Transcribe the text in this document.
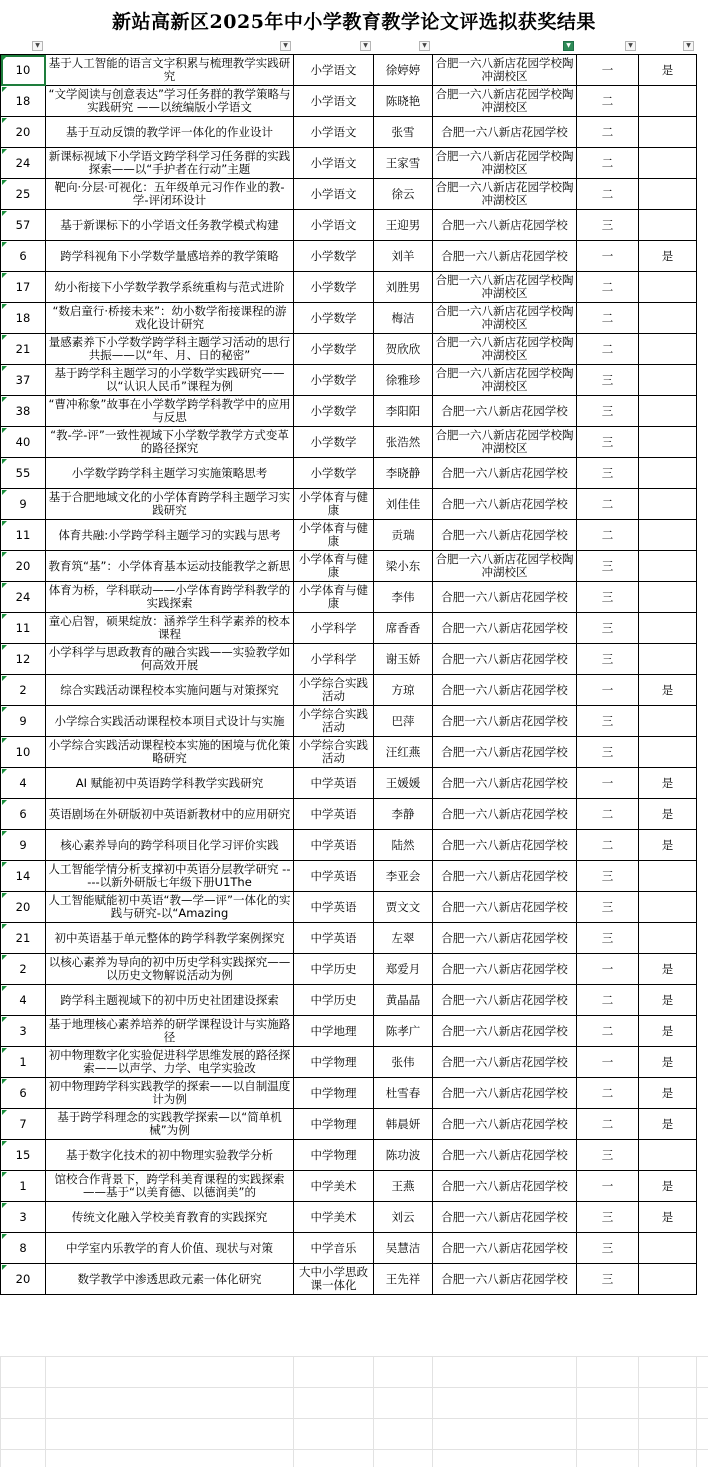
新站高新区2025年中小学教育教学论文评选拟获奖结果
▼	▼	▼	▼	▼	▼	▼
10	基于人工智能的语言文字积累与梳理教学实践研究	小学语文	徐婷婷	合肥一六八新店花园学校陶冲湖校区	一	是

18	“文学阅读与创意表达”学习任务群的教学策略与实践研究 ——以统编版小学语文	小学语文	陈晓艳	合肥一六八新店花园学校陶冲湖校区	二	

20	基于互动反馈的教学评一体化的作业设计	小学语文	张雪	合肥一六八新店花园学校	二	

24	新课标视域下小学语文跨学科学习任务群的实践探索——以“手护者在行动”主题	小学语文	王家雪	合肥一六八新店花园学校陶冲湖校区	二	

25	靶向·分层·可视化：五年级单元习作作业的教-学-评闭环设计	小学语文	徐云	合肥一六八新店花园学校陶冲湖校区	二	

57	基于新课标下的小学语文任务教学模式构建	小学语文	王迎男	合肥一六八新店花园学校	三	

6	跨学科视角下小学数学量感培养的教学策略	小学数学	刘羊	合肥一六八新店花园学校	一	是

17	幼小衔接下小学数学教学系统重构与范式进阶	小学数学	刘胜男	合肥一六八新店花园学校陶冲湖校区	二	

18	“数启童行·桥接未来”：幼小数学衔接课程的游戏化设计研究	小学数学	梅洁	合肥一六八新店花园学校陶冲湖校区	二	

21	量感素养下小学数学跨学科主题学习活动的思行共振——以“年、月、日的秘密”	小学数学	贺欣欣	合肥一六八新店花园学校陶冲湖校区	二	

37	基于跨学科主题学习的小学数学实践研究——以“认识人民币”课程为例	小学数学	徐雅珍	合肥一六八新店花园学校陶冲湖校区	三	

38	“曹冲称象”故事在小学数学跨学科教学中的应用与反思	小学数学	李阳阳	合肥一六八新店花园学校	三	

40	“教-学-评”一致性视域下小学数学教学方式变革的路径探究	小学数学	张浩然	合肥一六八新店花园学校陶冲湖校区	三	

55	小学数学跨学科主题学习实施策略思考	小学数学	李晓静	合肥一六八新店花园学校	三	

9	基于合肥地域文化的小学体育跨学科主题学习实践研究	小学体育与健康	刘佳佳	合肥一六八新店花园学校	二	

11	体育共融:小学跨学科主题学习的实践与思考	小学体育与健康	贡瑞	合肥一六八新店花园学校	二	

20	教育筑“基”：小学体育基本运动技能教学之新思	小学体育与健康	梁小东	合肥一六八新店花园学校陶冲湖校区	三	

24	体育为桥，学科联动——小学体育跨学科教学的实践探索	小学体育与健康	李伟	合肥一六八新店花园学校	三	

11	童心启智，硕果绽放：涵养学生科学素养的校本课程	小学科学	席香香	合肥一六八新店花园学校	三	

12	小学科学与思政教育的融合实践——实验教学如何高效开展	小学科学	谢玉娇	合肥一六八新店花园学校	三	

2	综合实践活动课程校本实施问题与对策探究	小学综合实践活动	方琼	合肥一六八新店花园学校	一	是

9	小学综合实践活动课程校本项目式设计与实施	小学综合实践活动	巴萍	合肥一六八新店花园学校	三	

10	小学综合实践活动课程校本实施的困境与优化策略研究	小学综合实践活动	汪红燕	合肥一六八新店花园学校	三	

4	AI 赋能初中英语跨学科教学实践研究	中学英语	王媛媛	合肥一六八新店花园学校	一	是

6	英语剧场在外研版初中英语新教材中的应用研究	中学英语	李静	合肥一六八新店花园学校	二	是

9	核心素养导向的跨学科项目化学习评价实践	中学英语	陆然	合肥一六八新店花园学校	二	是

14	人工智能学情分析支撑初中英语分层教学研究 -----以新外研版七年级下册U1The	中学英语	李亚会	合肥一六八新店花园学校	三	

20	人工智能赋能初中英语“教—学—评”一体化的实践与研究-以“Amazing	中学英语	贾文文	合肥一六八新店花园学校	三	

21	初中英语基于单元整体的跨学科教学案例探究	中学英语	左翠	合肥一六八新店花园学校	三	

2	以核心素养为导向的初中历史学科实践探究——以历史文物解说活动为例	中学历史	郑爱月	合肥一六八新店花园学校	一	是

4	跨学科主题视域下的初中历史社团建设探索	中学历史	黄晶晶	合肥一六八新店花园学校	二	是

3	基于地理核心素养培养的研学课程设计与实施路径	中学地理	陈孝广	合肥一六八新店花园学校	二	是

1	初中物理数字化实验促进科学思维发展的路径探索——以声学、力学、电学实验改	中学物理	张伟	合肥一六八新店花园学校	一	是

6	初中物理跨学科实践教学的探索——以自制温度计为例	中学物理	杜雪春	合肥一六八新店花园学校	二	是

7	基于跨学科理念的实践教学探索—以“简单机械”为例	中学物理	韩晨妍	合肥一六八新店花园学校	二	是

15	基于数字化技术的初中物理实验教学分析	中学物理	陈功波	合肥一六八新店花园学校	三	

1	馆校合作背景下，跨学科美育课程的实践探索 ——基于“以美育德、以德润美”的	中学美术	王燕	合肥一六八新店花园学校	一	是

3	传统文化融入学校美育教育的实践探究	中学美术	刘云	合肥一六八新店花园学校	三	是

8	中学室内乐教学的育人价值、现状与对策	中学音乐	吴慧洁	合肥一六八新店花园学校	三	

20	数学教学中渗透思政元素一体化研究	大中小学思政课一体化	王先祥	合肥一六八新店花园学校	三	
